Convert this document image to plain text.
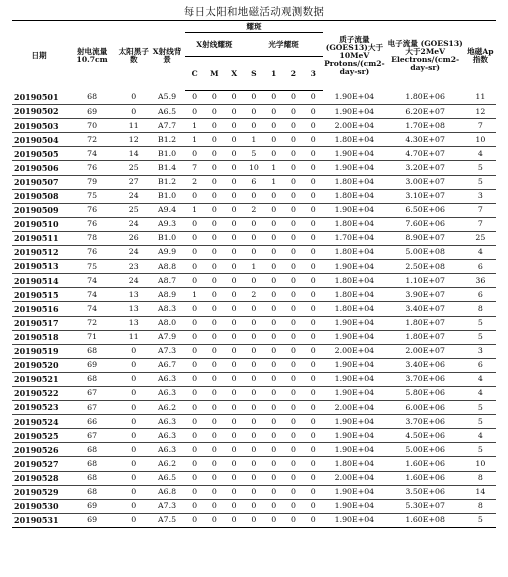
每日太阳和地磁活动观测数据
日期	射电流量 10.7cm	太阳黑子数	X射线背景	耀斑							质子流量 (GOES13)大于10MeV Protons/(cm2-day-sr)	电子流量 (GOES13)大于2MeV Electrons/(cm2-day-sr)	地磁Ap指数
				X射线耀斑			光学耀斑						
				C	M	X	S	1	2	3			
20190501	68	0	A5.9	0	0	0	0	0	0	0	1.90E+04	1.80E+06	11
20190502	69	0	A6.5	0	0	0	0	0	0	0	1.90E+04	6.20E+07	12
20190503	70	11	A7.7	1	0	0	0	0	0	0	2.00E+04	1.70E+08	7
20190504	72	12	B1.2	1	0	0	1	0	0	0	1.80E+04	4.30E+07	10
20190505	74	14	B1.0	0	0	0	5	0	0	0	1.90E+04	4.70E+07	4
20190506	76	25	B1.4	7	0	0	10	1	0	0	1.90E+04	3.20E+07	5
20190507	79	27	B1.2	2	0	0	6	1	0	0	1.80E+04	3.00E+07	5
20190508	75	24	B1.0	0	0	0	0	0	0	0	1.80E+04	3.10E+07	3
20190509	76	25	A9.4	1	0	0	2	0	0	0	1.90E+04	6.50E+06	7
20190510	76	24	A9.3	0	0	0	0	0	0	0	1.80E+04	7.60E+06	7
20190511	78	26	B1.0	0	0	0	0	0	0	0	1.70E+04	8.90E+07	25
20190512	76	24	A9.9	0	0	0	0	0	0	0	1.80E+04	5.00E+08	4
20190513	75	23	A8.8	0	0	0	1	0	0	0	1.90E+04	2.50E+08	6
20190514	74	24	A8.7	0	0	0	0	0	0	0	1.80E+04	1.10E+07	36
20190515	74	13	A8.9	1	0	0	2	0	0	0	1.80E+04	3.90E+07	6
20190516	74	13	A8.3	0	0	0	0	0	0	0	1.80E+04	3.40E+07	8
20190517	72	13	A8.0	0	0	0	0	0	0	0	1.90E+04	1.80E+07	5
20190518	71	11	A7.9	0	0	0	0	0	0	0	1.90E+04	1.80E+07	5
20190519	68	0	A7.3	0	0	0	0	0	0	0	2.00E+04	2.00E+07	3
20190520	69	0	A6.7	0	0	0	0	0	0	0	1.90E+04	3.40E+06	6
20190521	68	0	A6.3	0	0	0	0	0	0	0	1.90E+04	3.70E+06	4
20190522	67	0	A6.3	0	0	0	0	0	0	0	1.90E+04	5.80E+06	4
20190523	67	0	A6.2	0	0	0	0	0	0	0	2.00E+04	6.00E+06	5
20190524	66	0	A6.3	0	0	0	0	0	0	0	1.90E+04	3.70E+06	5
20190525	67	0	A6.3	0	0	0	0	0	0	0	1.90E+04	4.50E+06	4
20190526	68	0	A6.3	0	0	0	0	0	0	0	1.90E+04	5.00E+06	5
20190527	68	0	A6.2	0	0	0	0	0	0	0	1.80E+04	1.60E+06	10
20190528	68	0	A6.5	0	0	0	0	0	0	0	2.00E+04	1.60E+06	8
20190529	68	0	A6.8	0	0	0	0	0	0	0	1.90E+04	3.50E+06	14
20190530	69	0	A7.3	0	0	0	0	0	0	0	1.90E+04	5.30E+07	8
20190531	69	0	A7.5	0	0	0	0	0	0	0	1.90E+04	1.60E+08	5
